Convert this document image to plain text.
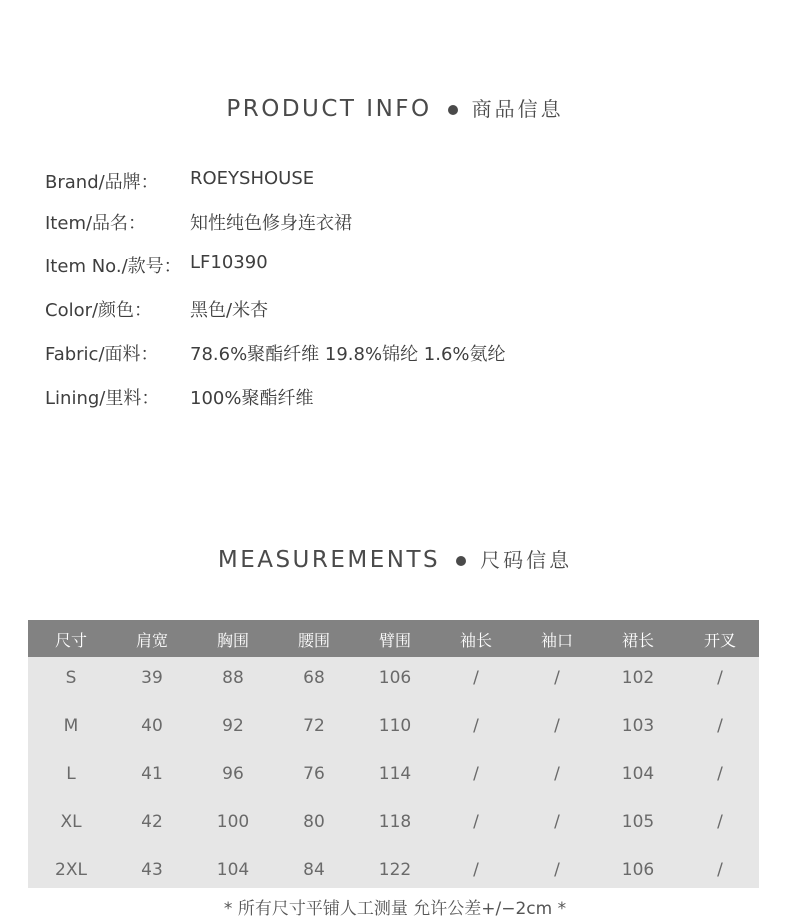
PRODUCT INFO 商品信息
Brand/品牌： ROEYSHOUSE
Item/品名： 知性纯色修身连衣裙
Item No./款号： LF10390
Color/颜色： 黑色/米杏
Fabric/面料： 78.6%聚酯纤维 19.8%锦纶 1.6%氨纶
Lining/里料： 100%聚酯纤维
MEASUREMENTS 尺码信息
尺寸	肩宽	胸围	腰围	臂围	袖长	袖口	裙长	开叉
S	39	88	68	106	/	/	102	/
M	40	92	72	110	/	/	103	/
L	41	96	76	114	/	/	104	/
XL	42	100	80	118	/	/	105	/
2XL	43	104	84	122	/	/	106	/
* 所有尺寸平铺人工测量 允许公差+/−2cm *
